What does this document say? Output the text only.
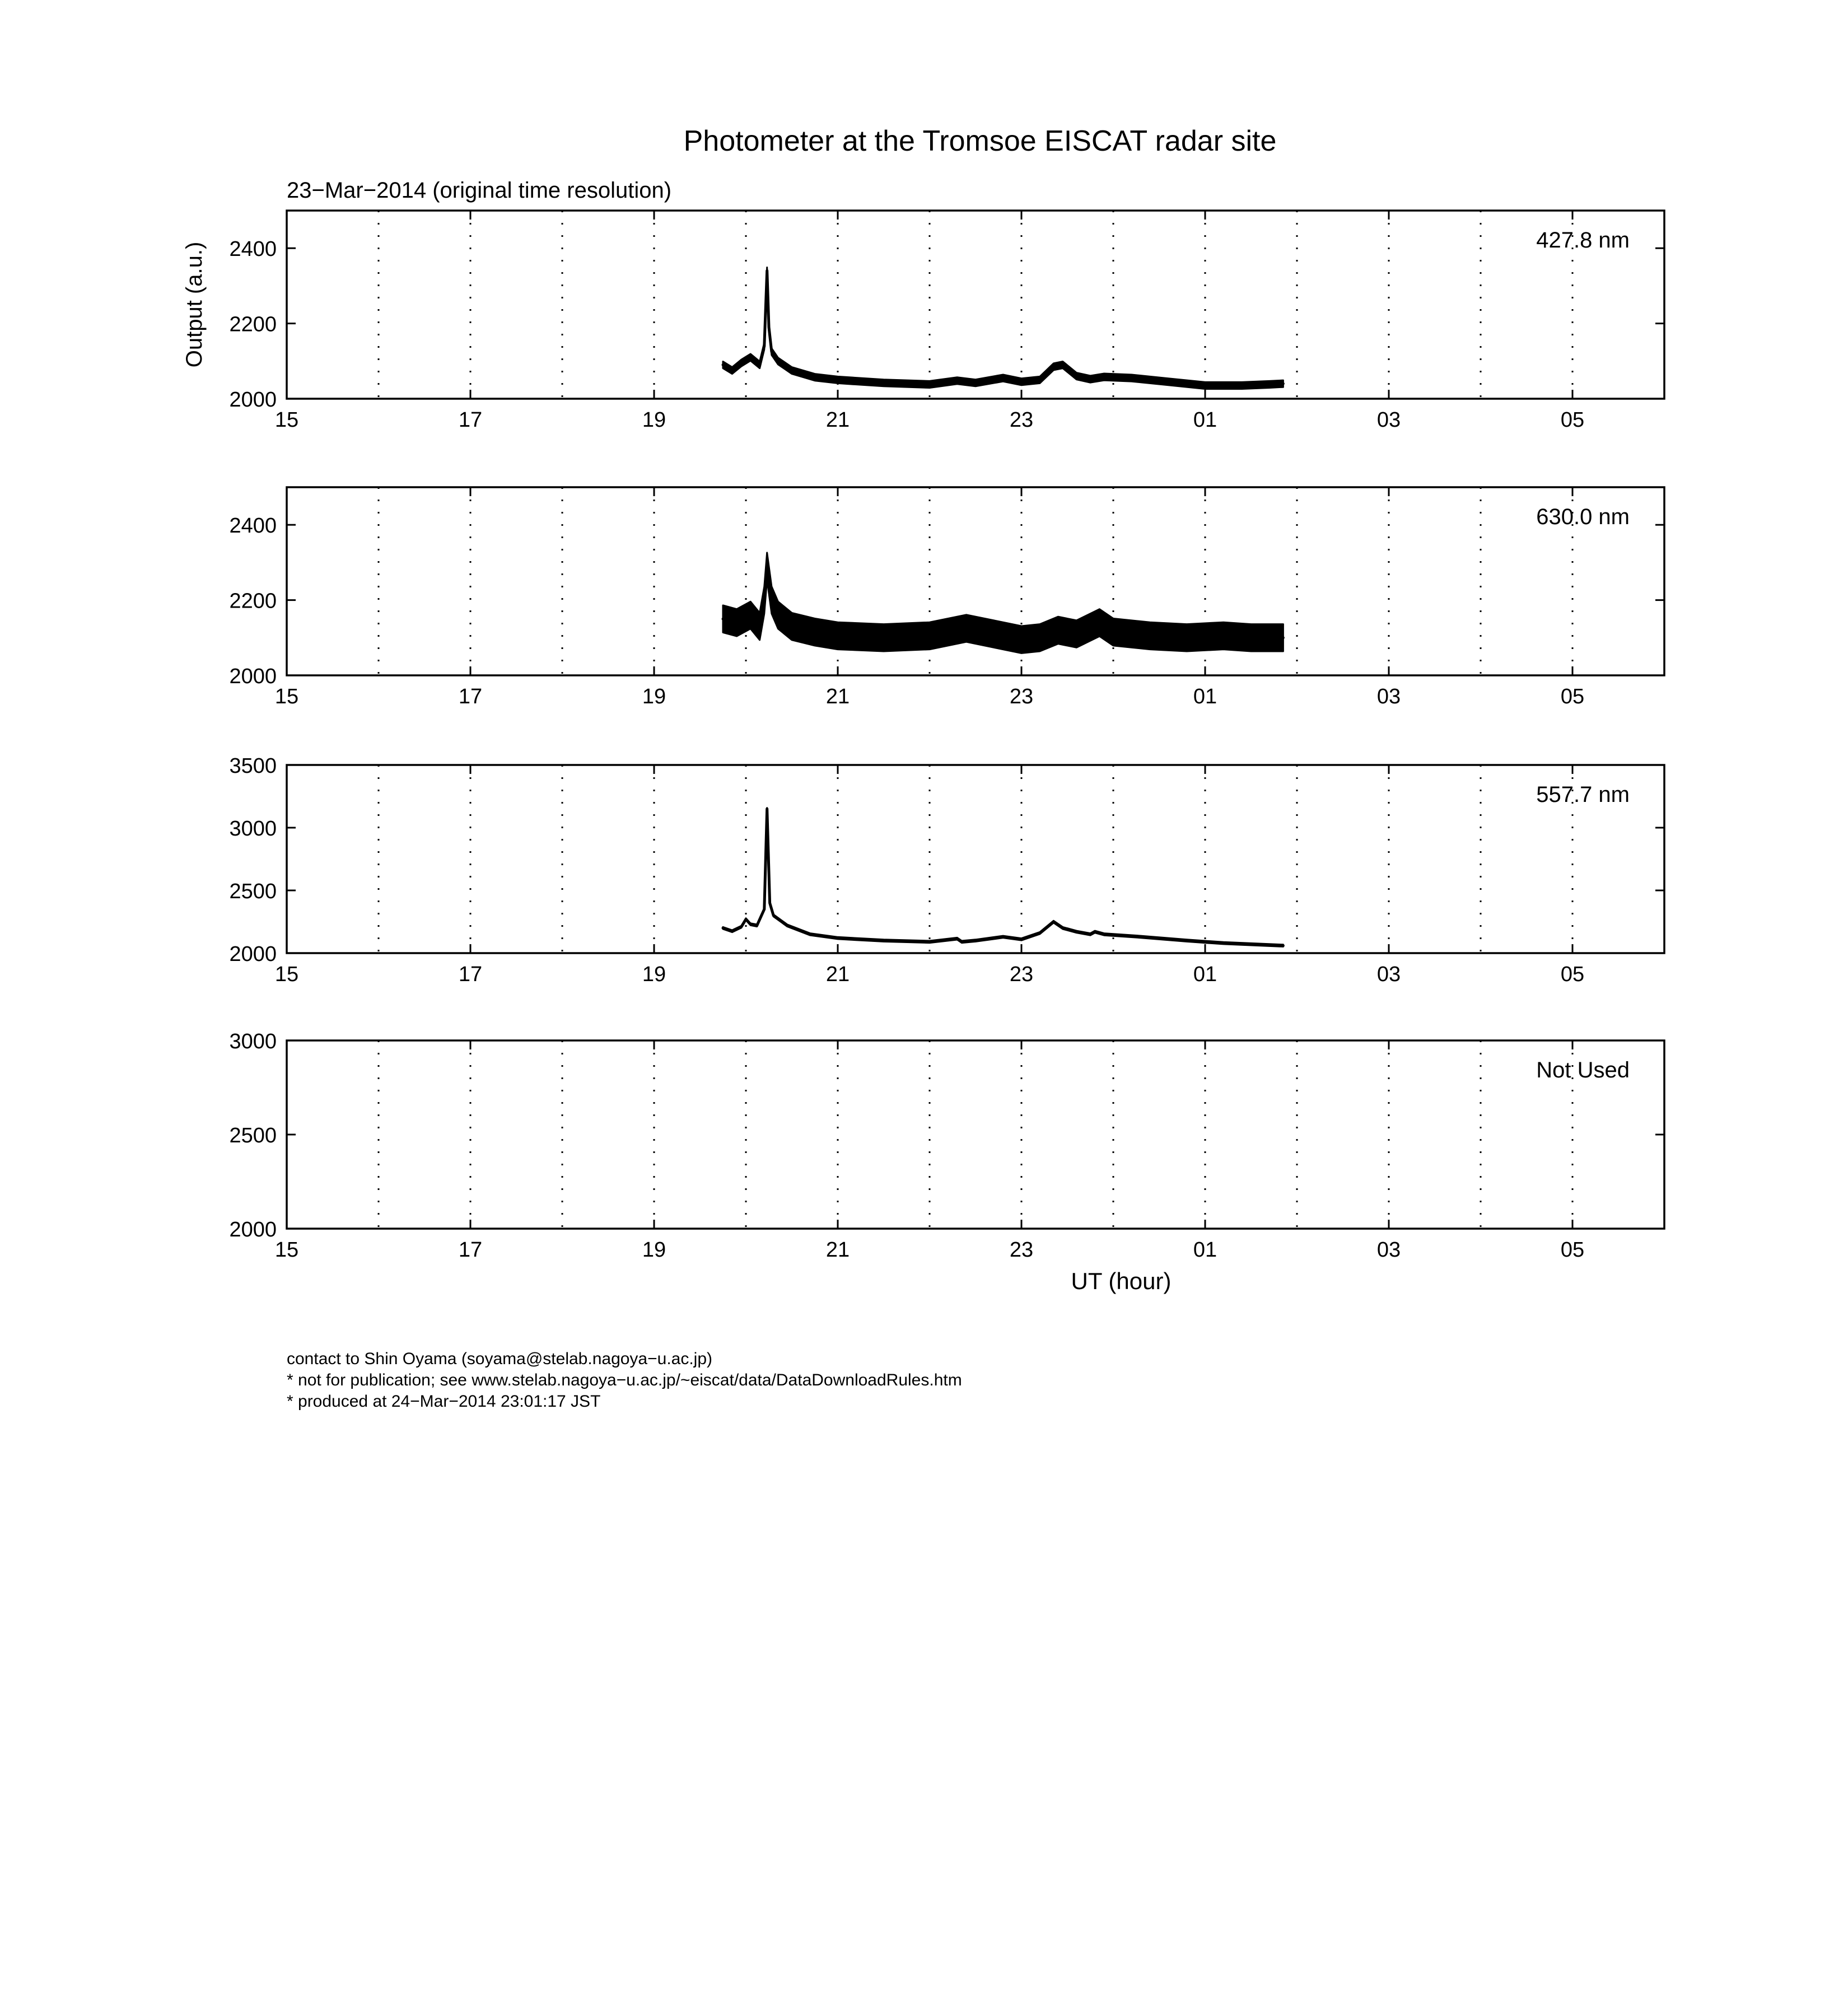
Photometer at the Tromsoe EISCAT radar site
23−Mar−2014 (original time resolution)
15	17	19	21	23	01	03	05
2000
2200
2400	427.8 nm
Output (a.u.)
15	17	19	21	23	01	03	05
2000
2200
2400	630.0 nm
15	17	19	21	23	01	03	05
2000
2500
3000
3500
557.7 nm
15	17	19	21	23	01	03	05
2000
2500
3000
Not Used
UT (hour)
contact to Shin Oyama (soyama@stelab.nagoya−u.ac.jp)
* not for publication; see www.stelab.nagoya−u.ac.jp/~eiscat/data/DataDownloadRules.htm
* produced at 24−Mar−2014 23:01:17 JST
